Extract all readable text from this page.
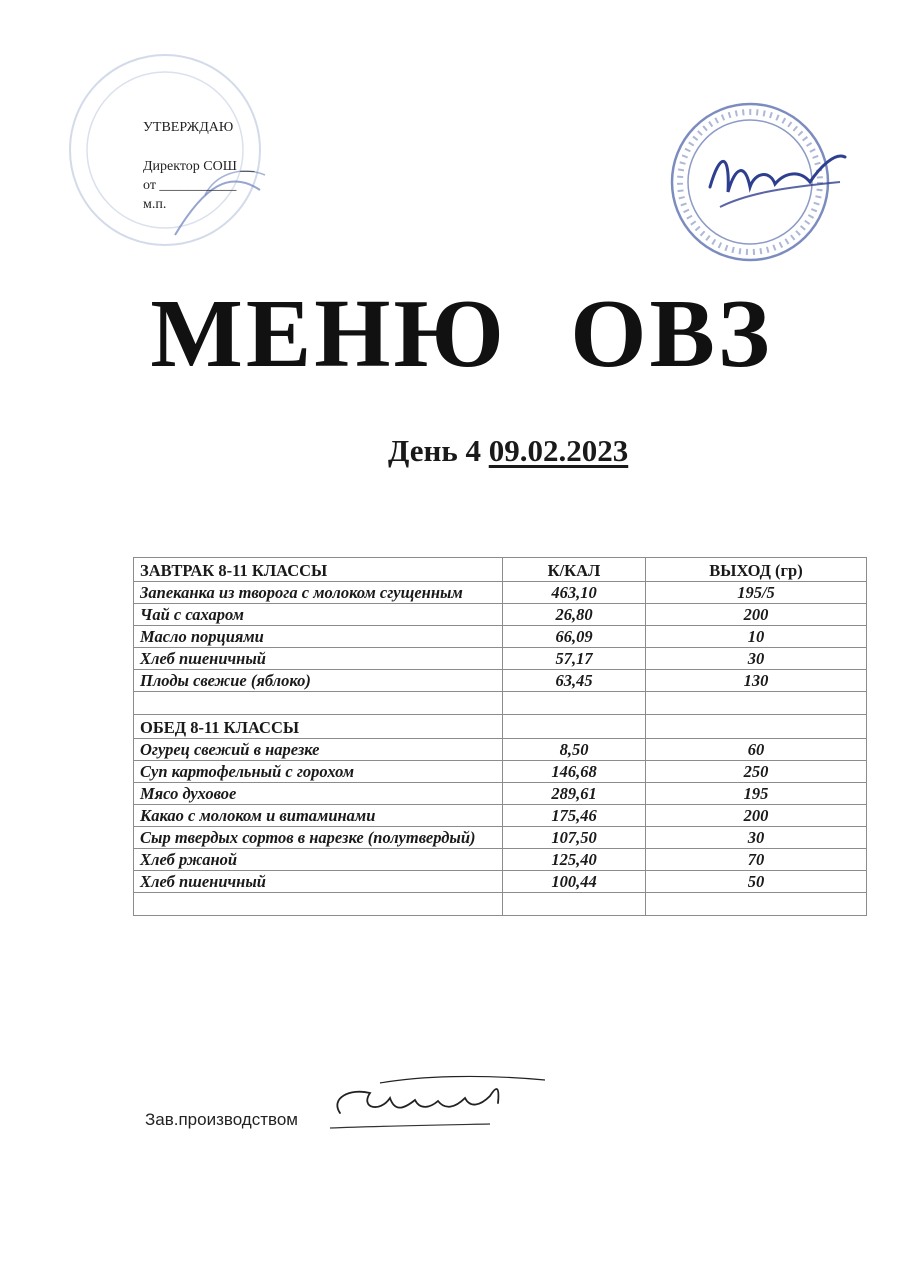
УТВЕРЖДАЮ
Директор СОШ __
от ___________
м.п.
МЕНЮ ОВЗ
День 4 09.02.2023
ЗАВТРАК 8-11 КЛАССЫ	К/КАЛ	ВЫХОД (гр)
Запеканка из творога с молоком сгущенным	463,10	195/5
Чай с сахаром	26,80	200
Масло порциями	66,09	10
Хлеб пшеничный	57,17	30
Плоды свежие (яблоко)	63,45	130

ОБЕД 8-11 КЛАССЫ		
Огурец свежий в нарезке	8,50	60
Суп картофельный с горохом	146,68	250
Мясо духовое	289,61	195
Какао с молоком и витаминами	175,46	200
Сыр твердых сортов в нарезке (полутвердый)	107,50	30
Хлеб ржаной	125,40	70
Хлеб пшеничный	100,44	50

Зав.производством
